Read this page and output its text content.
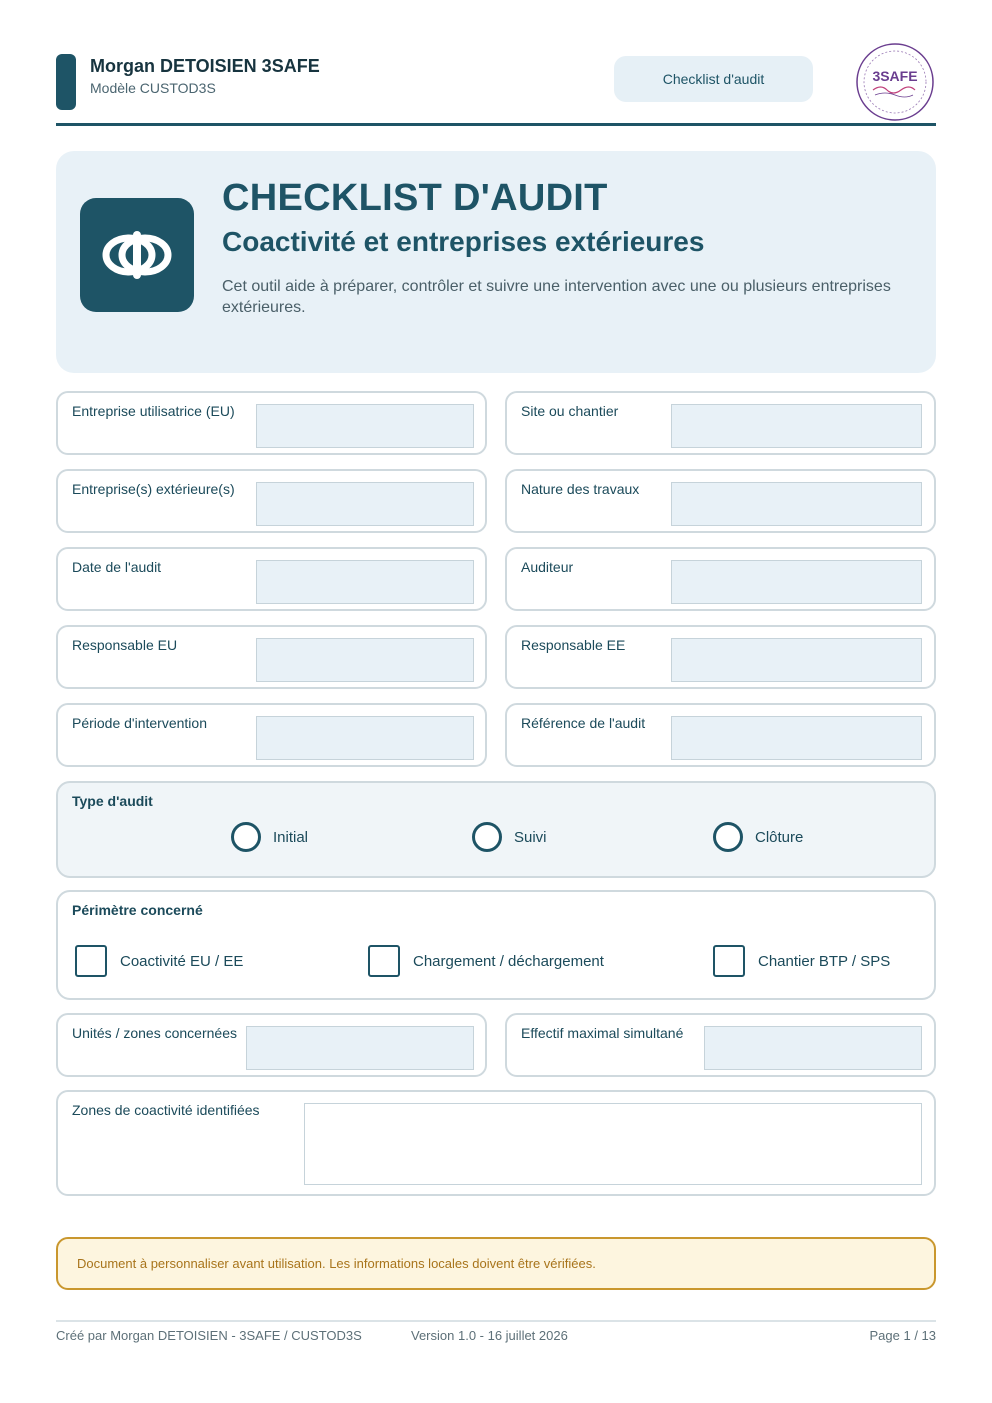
Morgan DETOISIEN 3SAFE
Modèle CUSTOD3S
Checklist d'audit	3SAFE
CHECKLIST D'AUDIT
Coactivité et entreprises extérieures
Cet outil aide à préparer, contrôler et suivre une intervention avec une ou plusieurs entreprises extérieures.
Entreprise utilisatrice (EU)	Site ou chantier
Entreprise(s) extérieure(s)	Nature des travaux
Date de l'audit	Auditeur
Responsable EU	Responsable EE
Période d'intervention	Référence de l'audit
Type d'audit
Initial	Suivi	Clôture
Périmètre concerné
Coactivité EU / EE	Chargement / déchargement	Chantier BTP / SPS
Unités / zones concernées	Effectif maximal simultané
Zones de coactivité identifiées
Document à personnaliser avant utilisation. Les informations locales doivent être vérifiées.
Créé par Morgan DETOISIEN - 3SAFE / CUSTOD3S	Version 1.0 - 16 juillet 2026	Page 1 / 13
